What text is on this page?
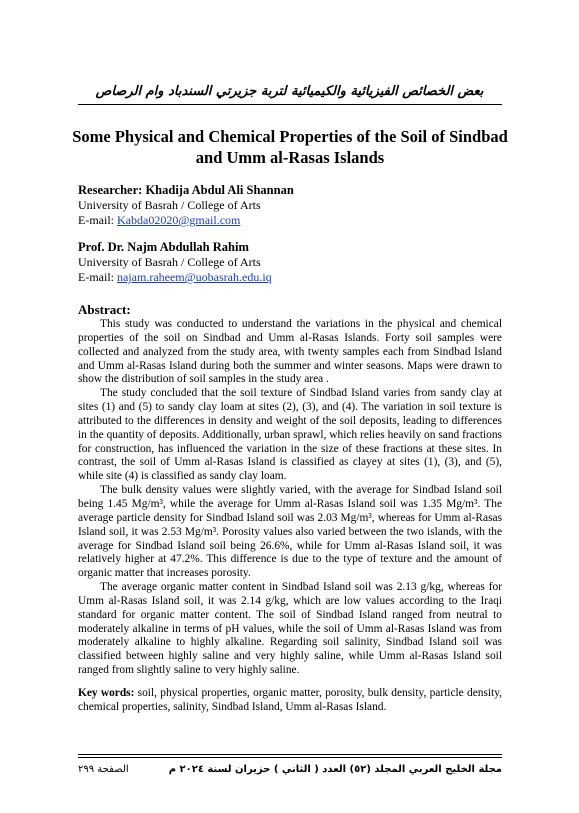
بعض الخصائص الفيزيائية والكيميائية لتربة جزيرتي السندباد وام الرصاص
Some Physical and Chemical Properties of the Soil of Sindbad and Umm al-Rasas Islands
Researcher: Khadija Abdul Ali Shannan
University of Basrah / College of Arts
E-mail: Kabda02020@gmail.com
Prof. Dr. Najm Abdullah Rahim
University of Basrah / College of Arts
E-mail: najam.raheem@uobasrah.edu.iq
Abstract:

This study was conducted to understand the variations in the physical and chemical properties of the soil on Sindbad and Umm al-Rasas Islands. Forty soil samples were collected and analyzed from the study area, with twenty samples each from Sindbad Island and Umm al-Rasas Island during both the summer and winter seasons. Maps were drawn to show the distribution of soil samples in the study area .

The study concluded that the soil texture of Sindbad Island varies from sandy clay at sites (1) and (5) to sandy clay loam at sites (2), (3), and (4). The variation in soil texture is attributed to the differences in density and weight of the soil deposits, leading to differences in the quantity of deposits. Additionally, urban sprawl, which relies heavily on sand fractions for construction, has influenced the variation in the size of these fractions at these sites. In contrast, the soil of Umm al-Rasas Island is classified as clayey at sites (1), (3), and (5), while site (4) is classified as sandy clay loam.

The bulk density values were slightly varied, with the average for Sindbad Island soil being 1.45 Mg/m³, while the average for Umm al-Rasas Island soil was 1.35 Mg/m³. The average particle density for Sindbad Island soil was 2.03 Mg/m³, whereas for Umm al-Rasas Island soil, it was 2.53 Mg/m³. Porosity values also varied between the two islands, with the average for Sindbad Island soil being 26.6%, while for Umm al-Rasas Island soil, it was relatively higher at 47.2%. This difference is due to the type of texture and the amount of organic matter that increases porosity.

The average organic matter content in Sindbad Island soil was 2.13 g/kg, whereas for Umm al-Rasas Island soil, it was 2.14 g/kg, which are low values according to the Iraqi standard for organic matter content. The soil of Sindbad Island ranged from neutral to moderately alkaline in terms of pH values, while the soil of Umm al-Rasas Island was from moderately alkaline to highly alkaline. Regarding soil salinity, Sindbad Island soil was classified between highly saline and very highly saline, while Umm al-Rasas Island soil ranged from slightly saline to very highly saline.

Key words: soil, physical properties, organic matter, porosity, bulk density, particle density, chemical properties, salinity, Sindbad Island, Umm al-Rasas Island.
مجلة الخليج العربي المجلد (٥٢) العدد ( الثاني ) حزيران لسنة ٢٠٢٤ م
الصفحة ٢٩٩
